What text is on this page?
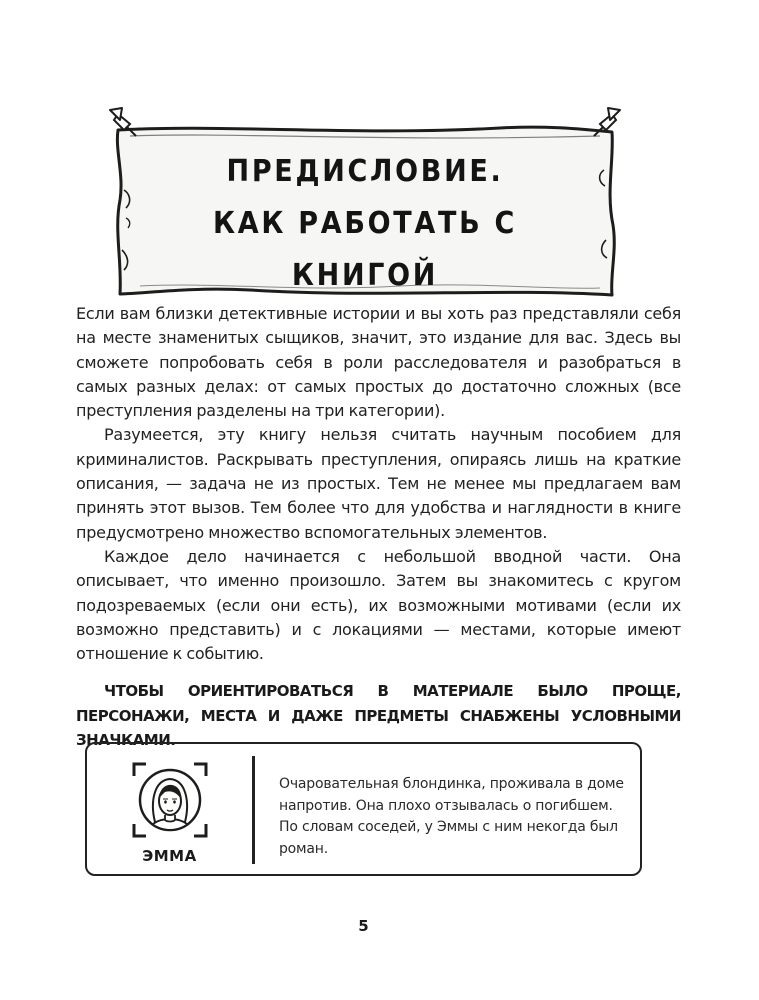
ПРЕДИСЛОВИЕ.
КАК РАБОТАТЬ С КНИГОЙ

Если вам близки детективные истории и вы хоть раз представляли себя на месте знаменитых сыщиков, значит, это издание для вас. Здесь вы сможете попробовать себя в роли расследователя и разобраться в самых разных делах: от самых простых до достаточно сложных (все преступления разделены на три категории).

Разумеется, эту книгу нельзя считать научным пособием для криминалистов. Раскрывать преступления, опираясь лишь на краткие описания, — задача не из простых. Тем не менее мы предлагаем вам принять этот вызов. Тем более что для удобства и наглядности в книге предусмотрено множество вспомогательных элементов.

Каждое дело начинается с небольшой вводной части. Она описывает, что именно произошло. Затем вы знакомитесь с кругом подозреваемых (если они есть), их возможными мотивами (если их возможно представить) и с локациями — местами, которые имеют отношение к событию.

ЧТОБЫ ОРИЕНТИРОВАТЬСЯ В МАТЕРИАЛЕ БЫЛО ПРОЩЕ, ПЕРСОНАЖИ, МЕСТА И ДАЖЕ ПРЕДМЕТЫ СНАБЖЕНЫ УСЛОВНЫМИ ЗНАЧКАМИ.
ЭММА
Очаровательная блондинка, проживала в доме напротив. Она плохо отзывалась о погибшем. По словам соседей, у Эммы с ним некогда был роман.
5
